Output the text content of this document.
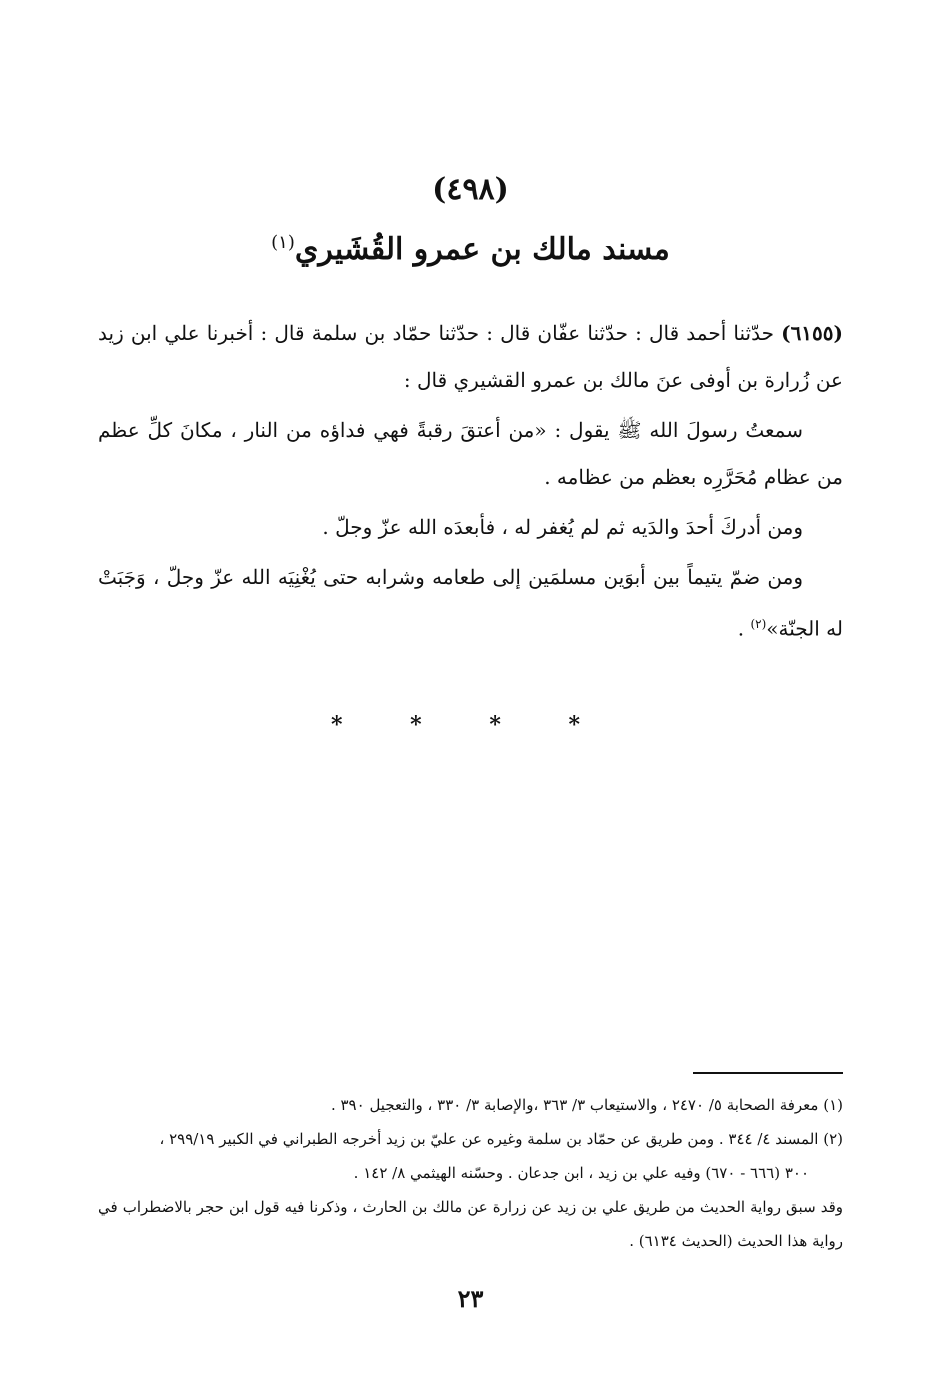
(٤٩٨)
مسند مالك بن عمرو القُشَيري$^{(١)}$

(٦١٥٥) حدّثنا أحمد قال : حدّثنا عفّان قال : حدّثنا حمّاد بن سلمة قال : أخبرنا علي ابن زيد عن زُرارة بن أوفى عنَ مالك بن عمرو القشيري قال :

سمعتُ رسولَ الله ﷺ يقول : «من أعتقَ رقبةً فهي فداؤه من النار ، مكانَ كلِّ عظم من عظام مُحَرَّرِه بعظم من عظامه .

ومن أدركَ أحدَ والدَيه ثم لم يُغفر له ، فأبعدَه الله عزّ وجلّ .

ومن ضمّ يتيماً بين أبوَين مسلمَين إلى طعامه وشرابه حتى يُغْنِيَه الله عزّ وجلّ ، وَجَبَتْ له الجنّة»$^{(٢)}$ .

* * * *

(١) معرفة الصحابة ٥/ ٢٤٧٠ ، والاستيعاب ٣/ ٣٦٣ ،والإصابة ٣/ ٣٣٠ ، والتعجيل ٣٩٠ .

(٢) المسند ٤/ ٣٤٤ . ومن طريق عن حمّاد بن سلمة وغيره عن عليّ بن زيد أخرجه الطبراني في الكبير ٢٩٩/١٩ ،

٣٠٠ (٦٦٦ - ٦٧٠) وفيه علي بن زيد ، ابن جدعان . وحسّنه الهيثمي ٨/ ١٤٢ .

وقد سبق رواية الحديث من طريق علي بن زيد عن زرارة عن مالك بن الحارث ، وذكرنا فيه قول ابن حجر بالاضطراب في رواية هذا الحديث (الحديث ٦١٣٤) .

٢٣
